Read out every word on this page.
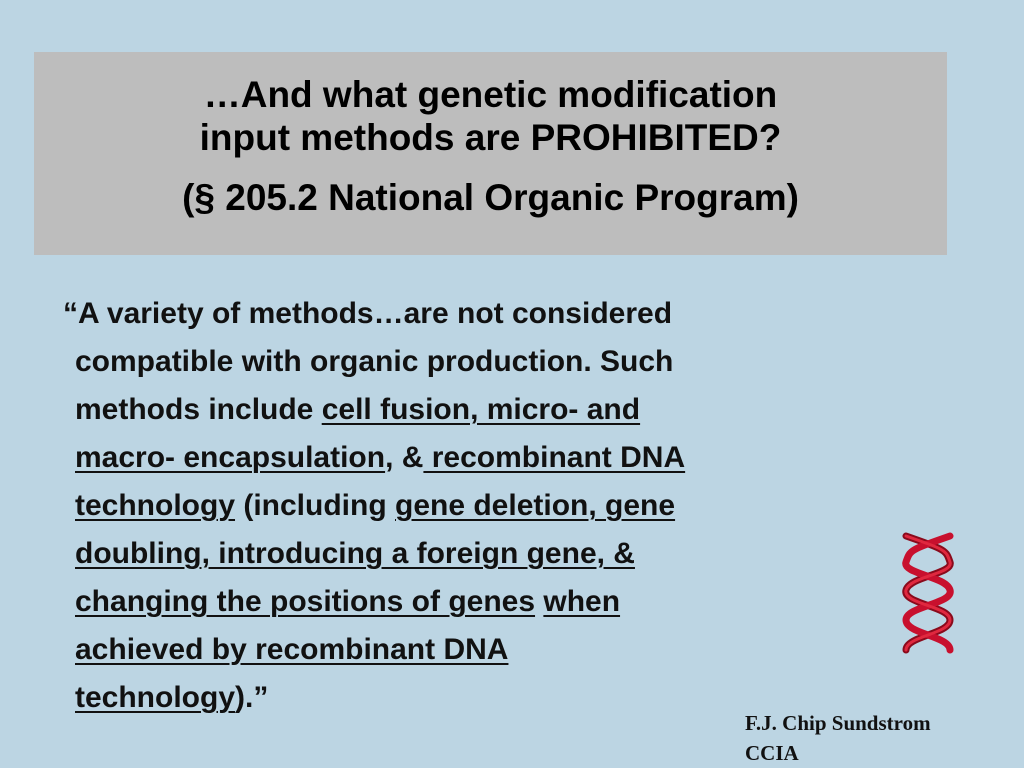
…And what genetic modification
input methods are PROHIBITED?
(§ 205.2 National Organic Program)
“A variety of methods…are not considered
compatible with organic production. Such
methods include cell fusion, micro- and
macro- encapsulation, & recombinant DNA
technology (including gene deletion, gene
doubling, introducing a foreign gene, &
changing the positions of genes when
achieved by recombinant DNA
technology).”
F.J. Chip Sundstrom
CCIA
